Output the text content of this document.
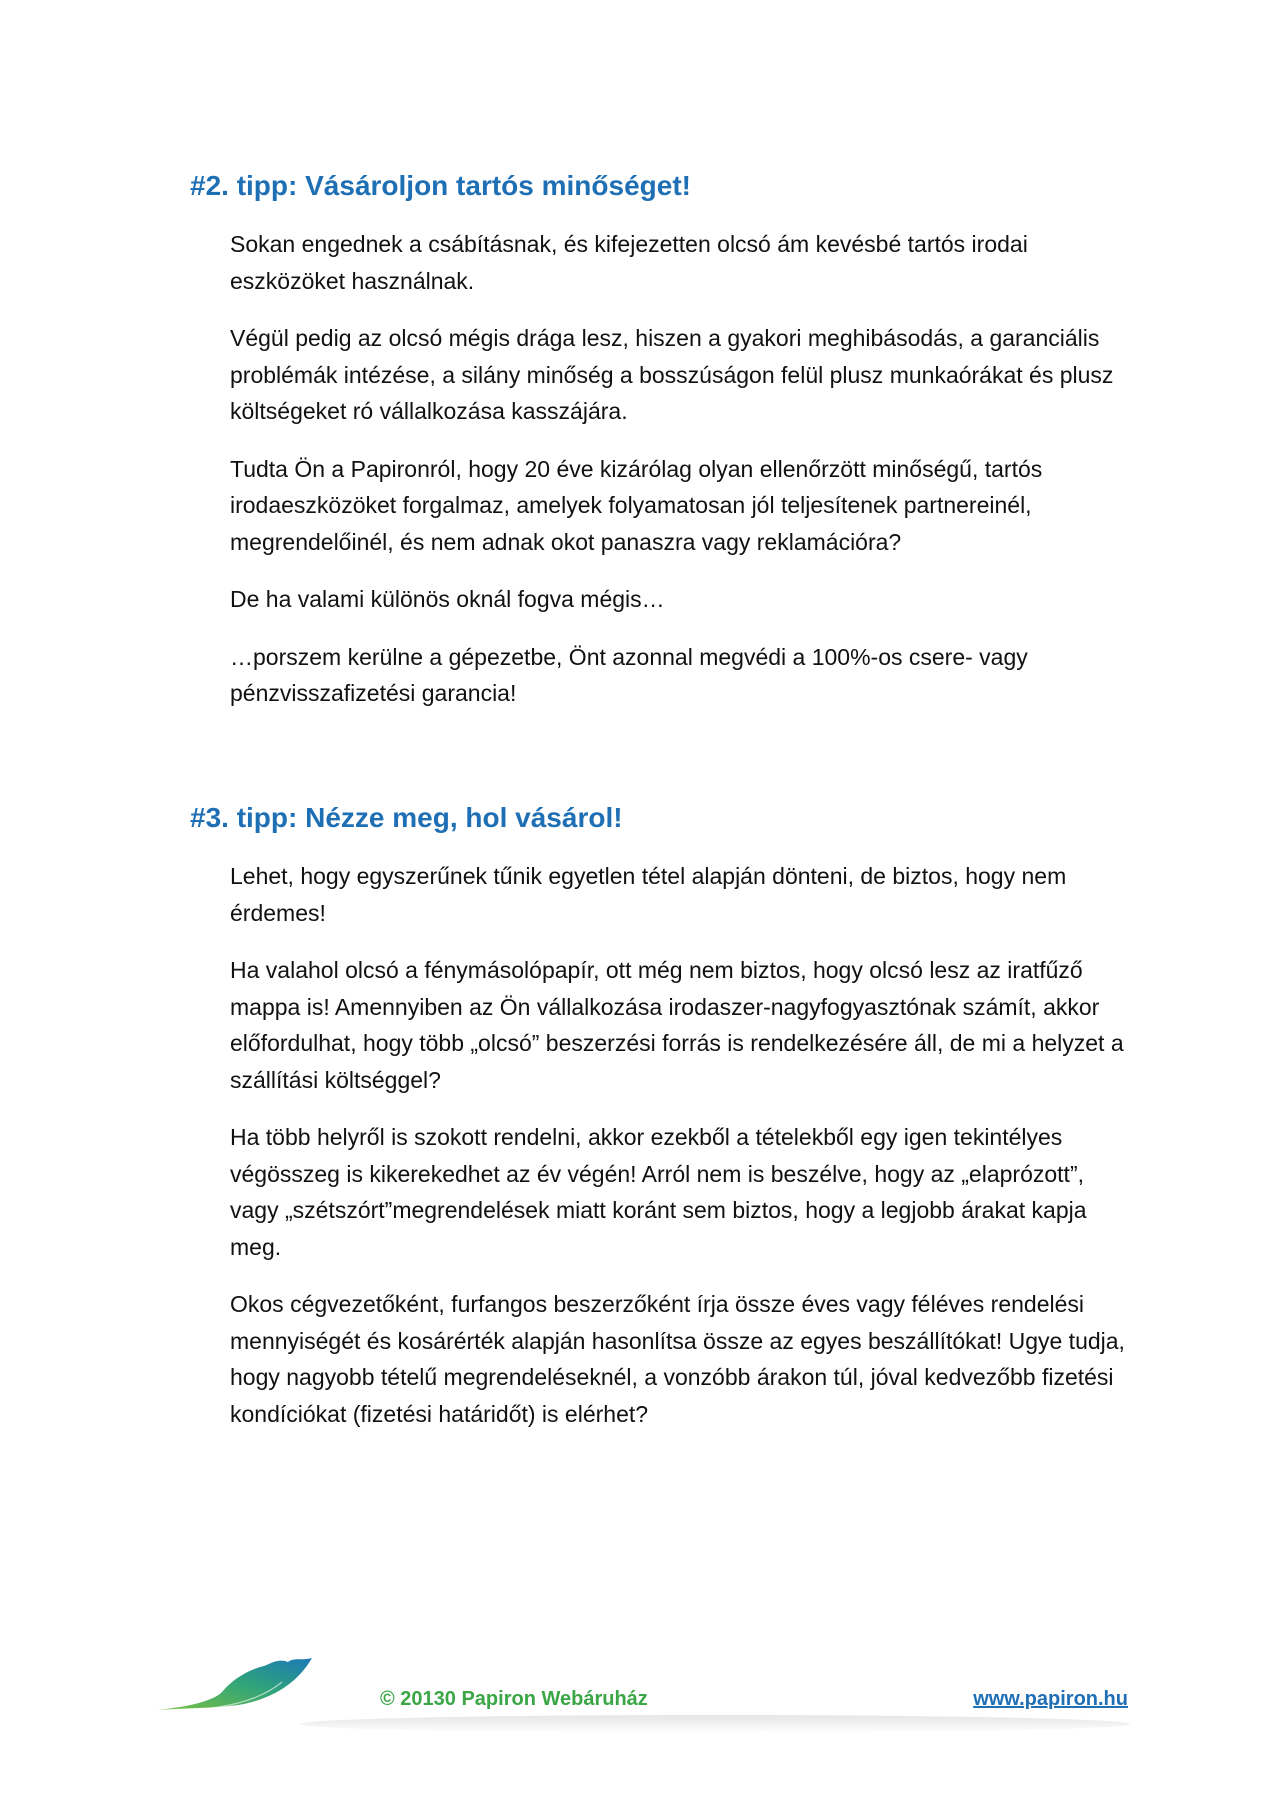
#2. tipp: Vásároljon tartós minőséget!

Sokan engednek a csábításnak, és kifejezetten olcsó ám kevésbé tartós irodai eszközöket használnak.

Végül pedig az olcsó mégis drága lesz, hiszen a gyakori meghibásodás, a garanciális problémák intézése, a silány minőség a bosszúságon felül plusz munkaórákat és plusz költségeket ró vállalkozása kasszájára.

Tudta Ön a Papironról, hogy 20 éve kizárólag olyan ellenőrzött minőségű, tartós irodaeszközöket forgalmaz, amelyek folyamatosan jól teljesítenek partnereinél, megrendelőinél, és nem adnak okot panaszra vagy reklamációra?

De ha valami különös oknál fogva mégis…

…porszem kerülne a gépezetbe, Önt azonnal megvédi a 100%-os csere- vagy pénzvisszafizetési garancia!

#3. tipp: Nézze meg, hol vásárol!

Lehet, hogy egyszerűnek tűnik egyetlen tétel alapján dönteni, de biztos, hogy nem érdemes!

Ha valahol olcsó a fénymásolópapír, ott még nem biztos, hogy olcsó lesz az iratfűző mappa is! Amennyiben az Ön vállalkozása irodaszer-nagyfogyasztónak számít, akkor előfordulhat, hogy több „olcsó” beszerzési forrás is rendelkezésére áll, de mi a helyzet a szállítási költséggel?

Ha több helyről is szokott rendelni, akkor ezekből a tételekből egy igen tekintélyes végösszeg is kikerekedhet az év végén! Arról nem is beszélve, hogy az „elaprózott”, vagy „szétszórt”megrendelések miatt koránt sem biztos, hogy a legjobb árakat kapja meg.

Okos cégvezetőként, furfangos beszerzőként írja össze éves vagy féléves rendelési mennyiségét és kosárérték alapján hasonlítsa össze az egyes beszállítókat! Ugye tudja, hogy nagyobb tételű megrendeléseknél, a vonzóbb árakon túl, jóval kedvezőbb fizetési kondíciókat (fizetési határidőt) is elérhet?

© 20130 Papiron Webáruház	www.papiron.hu
